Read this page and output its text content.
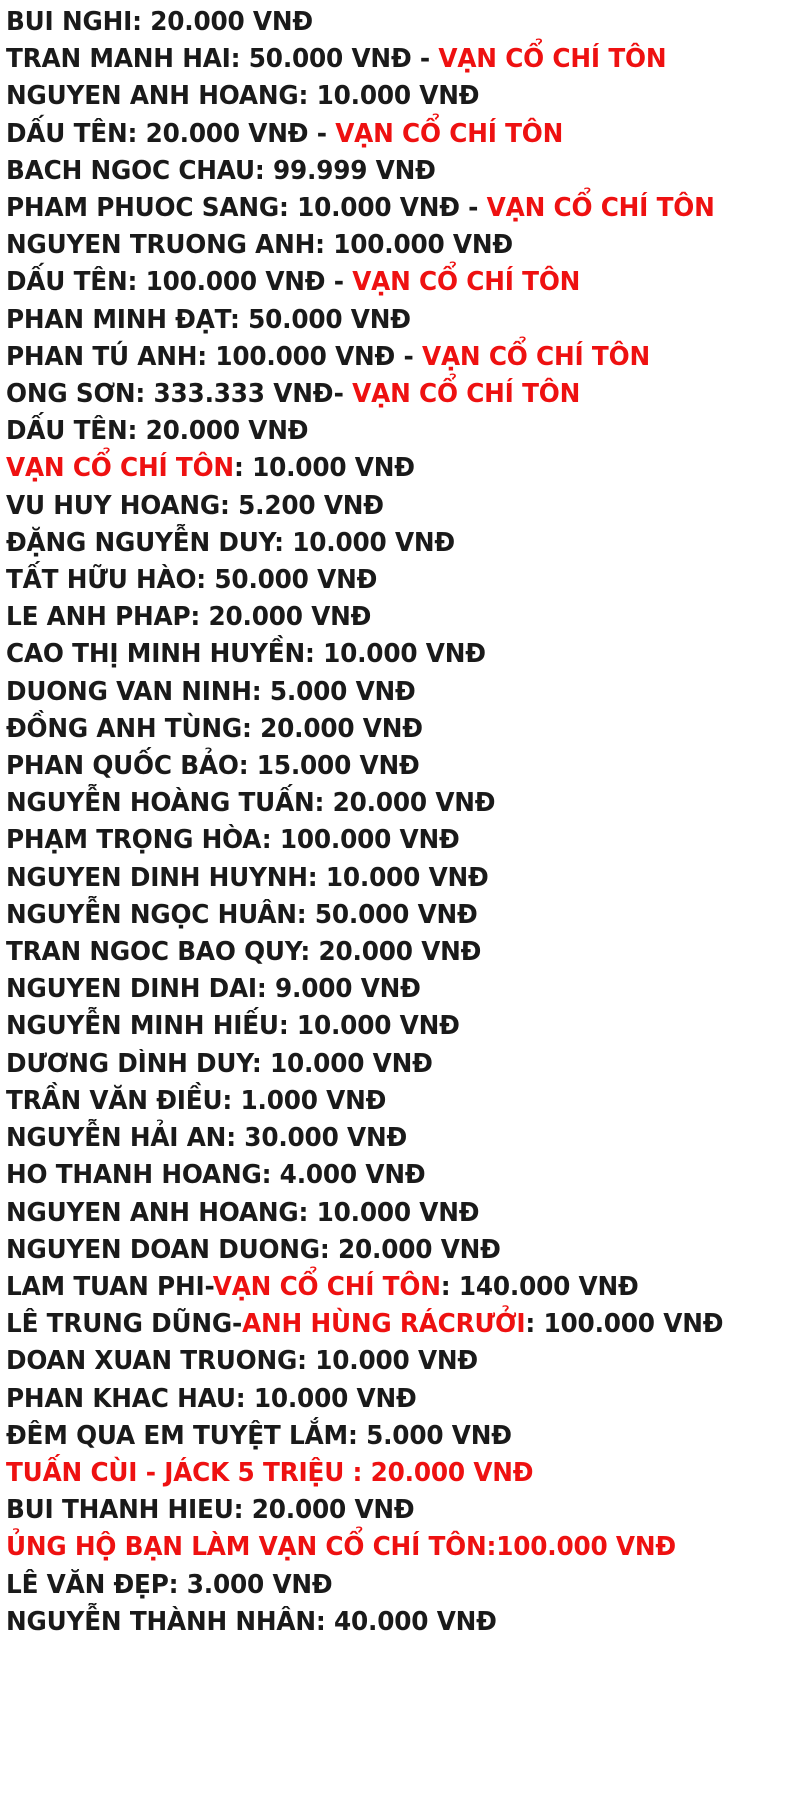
BUI NGHI: 20.000 VNĐ
TRAN MANH HAI: 50.000 VNĐ - VẠN CỔ CHÍ TÔN
NGUYEN ANH HOANG: 10.000 VNĐ
DẤU TÊN: 20.000 VNĐ - VẠN CỔ CHÍ TÔN
BACH NGOC CHAU: 99.999 VNĐ
PHAM PHUOC SANG: 10.000 VNĐ - VẠN CỔ CHÍ TÔN
NGUYEN TRUONG ANH: 100.000 VNĐ
DẤU TÊN: 100.000 VNĐ - VẠN CỔ CHÍ TÔN
PHAN MINH ĐẠT: 50.000 VNĐ
PHAN TÚ ANH: 100.000 VNĐ - VẠN CỔ CHÍ TÔN
ONG SƠN: 333.333 VNĐ- VẠN CỔ CHÍ TÔN
DẤU TÊN: 20.000 VNĐ
VẠN CỔ CHÍ TÔN: 10.000 VNĐ
VU HUY HOANG: 5.200 VNĐ
ĐẶNG NGUYỄN DUY: 10.000 VNĐ
TẤT HỮU HÀO: 50.000 VNĐ
LE ANH PHAP: 20.000 VNĐ
CAO THỊ MINH HUYỀN: 10.000 VNĐ
DUONG VAN NINH: 5.000 VNĐ
ĐỒNG ANH TÙNG: 20.000 VNĐ
PHAN QUỐC BẢO: 15.000 VNĐ
NGUYỄN HOÀNG TUẤN: 20.000 VNĐ
PHẠM TRỌNG HÒA: 100.000 VNĐ
NGUYEN DINH HUYNH: 10.000 VNĐ
NGUYỄN NGỌC HUÂN: 50.000 VNĐ
TRAN NGOC BAO QUY: 20.000 VNĐ
NGUYEN DINH DAI: 9.000 VNĐ
NGUYỄN MINH HIẾU: 10.000 VNĐ
DƯƠNG DÌNH DUY: 10.000 VNĐ
TRẦN VĂN ĐIỀU: 1.000 VNĐ
NGUYỄN HẢI AN: 30.000 VNĐ
HO THANH HOANG: 4.000 VNĐ
NGUYEN ANH HOANG: 10.000 VNĐ
NGUYEN DOAN DUONG: 20.000 VNĐ
LAM TUAN PHI-VẠN CỔ CHÍ TÔN: 140.000 VNĐ
LÊ TRUNG DŨNG-ANH HÙNG RÁCRƯỞI: 100.000 VNĐ
DOAN XUAN TRUONG: 10.000 VNĐ
PHAN KHAC HAU: 10.000 VNĐ
ĐÊM QUA EM TUYỆT LẮM: 5.000 VNĐ
TUẤN CÙI - JÁCK 5 TRIỆU : 20.000 VNĐ
BUI THANH HIEU: 20.000 VNĐ
ỦNG HỘ BẠN LÀM VẠN CỔ CHÍ TÔN:100.000 VNĐ
LÊ VĂN ĐẸP: 3.000 VNĐ
NGUYỄN THÀNH NHÂN: 40.000 VNĐ
